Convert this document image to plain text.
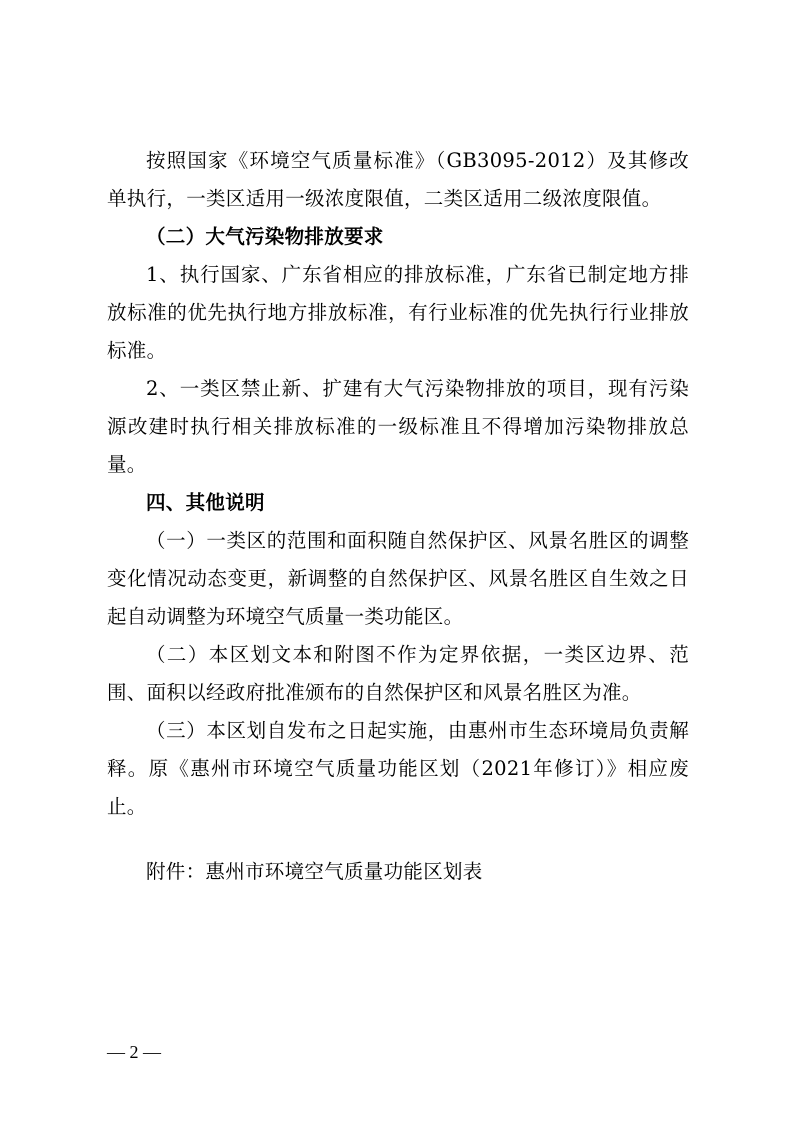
按照国家《环境空气质量标准》（GB3095-2012）及其修改单执行，一类区适用一级浓度限值，二类区适用二级浓度限值。

（二）大气污染物排放要求

1、执行国家、广东省相应的排放标准，广东省已制定地方排放标准的优先执行地方排放标准，有行业标准的优先执行行业排放标准。

2、一类区禁止新、扩建有大气污染物排放的项目，现有污染源改建时执行相关排放标准的一级标准且不得增加污染物排放总量。

四、其他说明

（一）一类区的范围和面积随自然保护区、风景名胜区的调整变化情况动态变更，新调整的自然保护区、风景名胜区自生效之日起自动调整为环境空气质量一类功能区。

（二）本区划文本和附图不作为定界依据，一类区边界、范围、面积以经政府批准颁布的自然保护区和风景名胜区为准。

（三）本区划自发布之日起实施，由惠州市生态环境局负责解释。原《惠州市环境空气质量功能区划（2021年修订）》相应废止。

附件：惠州市环境空气质量功能区划表

— 2 —
